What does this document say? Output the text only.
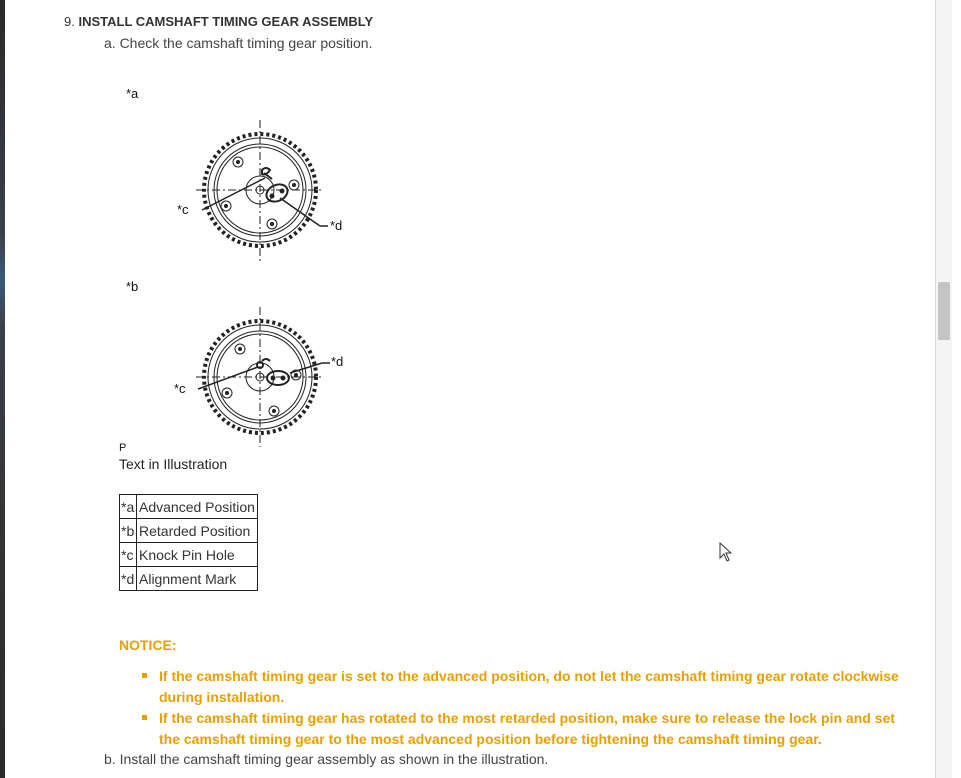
9. INSTALL CAMSHAFT TIMING GEAR ASSEMBLY
a. Check the camshaft timing gear position.
*a
*c
*d
*b
*c
*d
P
Text in Illustration
*a	Advanced Position
*b	Retarded Position
*c	Knock Pin Hole
*d	Alignment Mark
NOTICE:
If the camshaft timing gear is set to the advanced position, do not let the camshaft timing gear rotate clockwise during installation.
If the camshaft timing gear has rotated to the most retarded position, make sure to release the lock pin and set the camshaft timing gear to the most advanced position before tightening the camshaft timing gear.
b. Install the camshaft timing gear assembly as shown in the illustration.
